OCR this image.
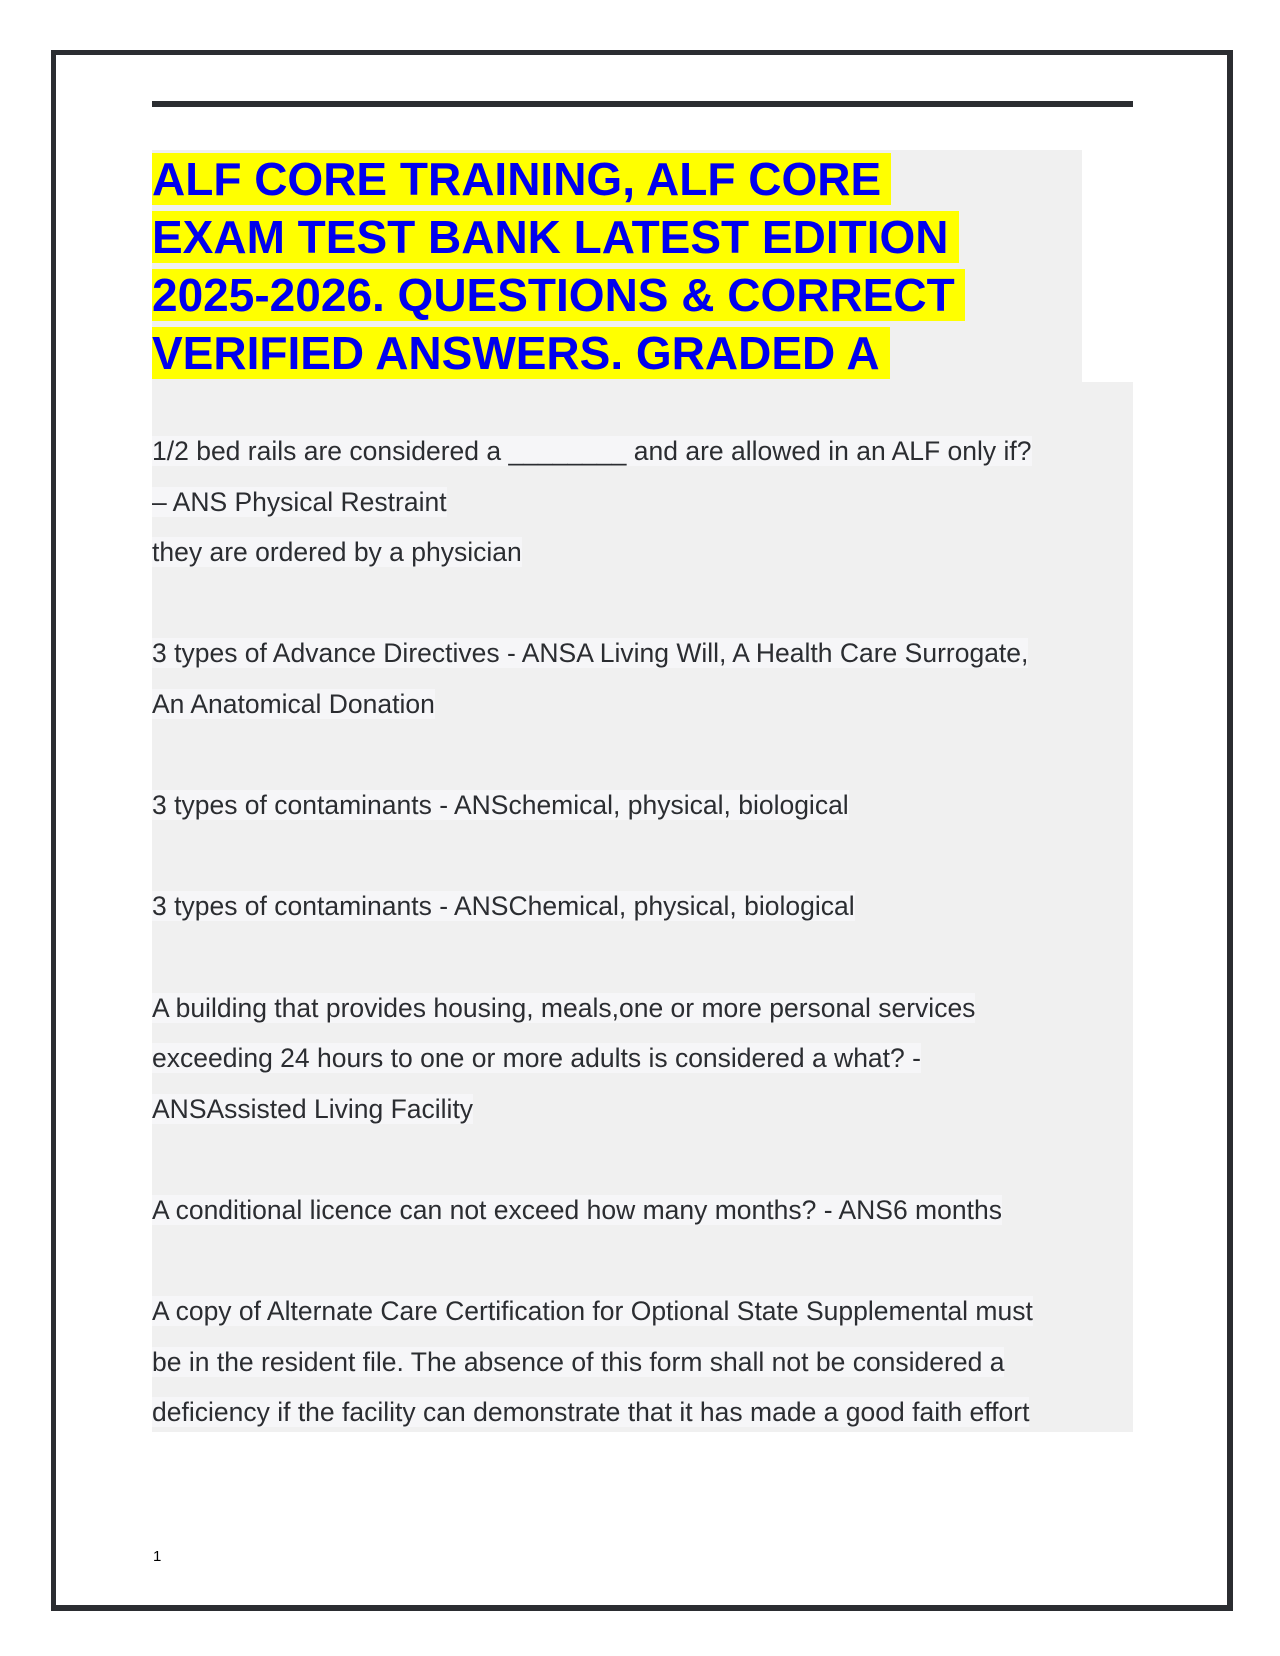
ALF CORE TRAINING, ALF CORE
EXAM TEST BANK LATEST EDITION
2025-2026. QUESTIONS & CORRECT
VERIFIED ANSWERS. GRADED A
1/2 bed rails are considered a ________ and are allowed in an ALF only if?
– ANS Physical Restraint
they are ordered by a physician
3 types of Advance Directives - ANSA Living Will, A Health Care Surrogate,
An Anatomical Donation
3 types of contaminants - ANSchemical, physical, biological
3 types of contaminants - ANSChemical, physical, biological
A building that provides housing, meals,one or more personal services
exceeding 24 hours to one or more adults is considered a what? -
ANSAssisted Living Facility
A conditional licence can not exceed how many months? - ANS6 months
A copy of Alternate Care Certification for Optional State Supplemental must
be in the resident file. The absence of this form shall not be considered a
deficiency if the facility can demonstrate that it has made a good faith effort
1
